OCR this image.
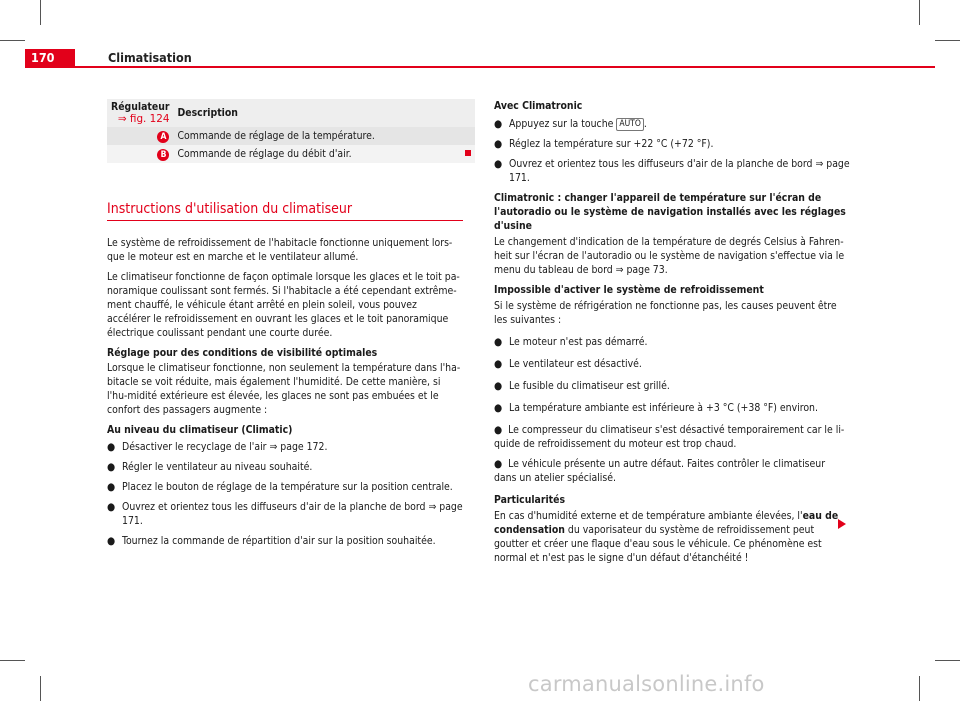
170	Climatisation
Régulateur
⇒ fig. 124	Description
A	Commande de réglage de la température.
B	Commande de réglage du débit d'air.
Instructions d'utilisation du climatiseur

Le système de refroidissement de l'habitacle fonctionne uniquement lors-que le moteur est en marche et le ventilateur allumé.

Le climatiseur fonctionne de façon optimale lorsque les glaces et le toit pa-noramique coulissant sont fermés. Si l'habitacle a été cependant extrême-ment chauffé, le véhicule étant arrêté en plein soleil, vous pouvez accélérer le refroidissement en ouvrant les glaces et le toit panoramique électrique coulissant pendant une courte durée.

Réglage pour des conditions de visibilité optimales

Lorsque le climatiseur fonctionne, non seulement la température dans l'ha-bitacle se voit réduite, mais également l'humidité. De cette manière, si l'hu-midité extérieure est élevée, les glaces ne sont pas embuées et le confort des passagers augmente :

Au niveau du climatiseur (Climatic)

● Désactiver le recyclage de l'air ⇒ page 172.
● Régler le ventilateur au niveau souhaité.
● Placez le bouton de réglage de la température sur la position centrale.
● Ouvrez et orientez tous les diffuseurs d'air de la planche de bord ⇒ page 171.
● Tournez la commande de répartition d'air sur la position souhaitée.

Avec Climatronic

● Appuyez sur la touche AUTO .
● Réglez la température sur +22 °C (+72 °F).
● Ouvrez et orientez tous les diffuseurs d'air de la planche de bord ⇒ page 171.

Climatronic : changer l'appareil de température sur l'écran de l'autoradio ou le système de navigation installés avec les réglages d'usine

Le changement d'indication de la température de degrés Celsius à Fahren-heit sur l'écran de l'autoradio ou le système de navigation s'effectue via le menu du tableau de bord ⇒ page 73.

Impossible d'activer le système de refroidissement

Si le système de réfrigération ne fonctionne pas, les causes peuvent être les suivantes :

● Le moteur n'est pas démarré.
● Le ventilateur est désactivé.
● Le fusible du climatiseur est grillé.
● La température ambiante est inférieure à +3 °C (+38 °F) environ.
● Le compresseur du climatiseur s'est désactivé temporairement car le li-quide de refroidissement du moteur est trop chaud.
● Le véhicule présente un autre défaut. Faites contrôler le climatiseur dans un atelier spécialisé.

Particularités

En cas d'humidité externe et de température ambiante élevées, l'eau de condensation du vaporisateur du système de refroidissement peut goutter et créer une flaque d'eau sous le véhicule. Ce phénomène est normal et n'est pas le signe d'un défaut d'étanchéité !

carmanualsonline.info
